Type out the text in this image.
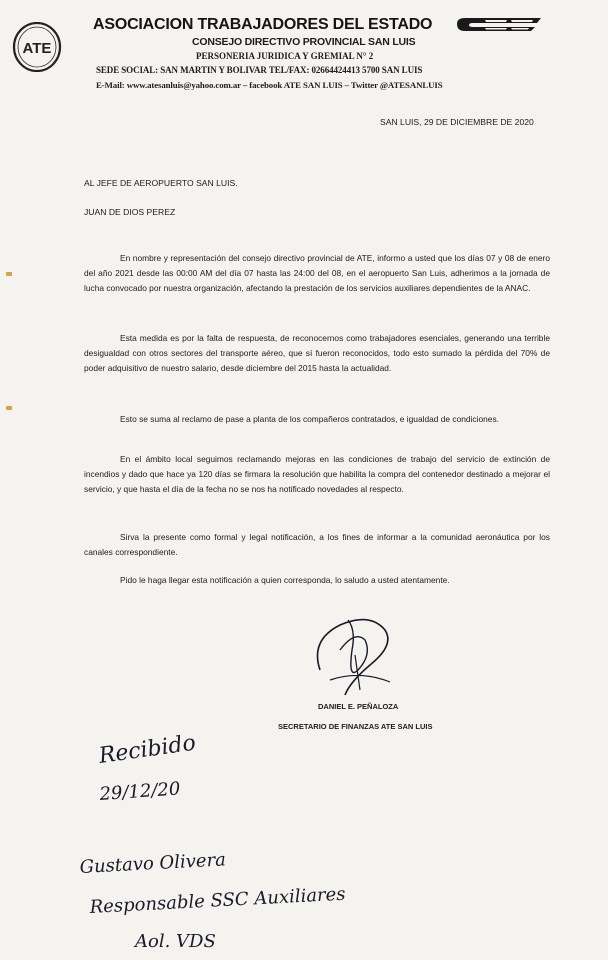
ATE
ASOCIACION TRABAJADORES DEL ESTADO
CONSEJO DIRECTIVO PROVINCIAL SAN LUIS
PERSONERIA JURIDICA Y GREMIAL N° 2
SEDE SOCIAL: SAN MARTIN Y BOLIVAR TEL/FAX: 02664424413 5700 SAN LUIS
E-Mail: www.atesanluis@yahoo.com.ar – facebook ATE SAN LUIS – Twitter @ATESANLUIS
SAN LUIS, 29 DE DICIEMBRE DE 2020
AL JEFE DE AEROPUERTO SAN LUIS.
JUAN DE DIOS PEREZ

En nombre y representación del consejo directivo provincial de ATE, informo a usted que los días 07 y 08 de enero del año 2021 desde las 00:00 AM del día 07 hasta las 24:00 del 08, en el aeropuerto San Luis, adherimos a la jornada de lucha convocado por nuestra organización, afectando la prestación de los servicios auxiliares dependientes de la ANAC.

Esta medida es por la falta de respuesta, de reconocernos como trabajadores esenciales, generando una terrible desigualdad con otros sectores del transporte aéreo, que sí fueron reconocidos, todo esto sumado la pérdida del 70% de poder adquisitivo de nuestro salario, desde diciembre del 2015 hasta la actualidad.

Esto se suma al reclamo de pase a planta de los compañeros contratados, e igualdad de condiciones.

En el ámbito local seguimos reclamando mejoras en las condiciones de trabajo del servicio de extinción de incendios y dado que hace ya 120 días se firmara la resolución que habilita la compra del contenedor destinado a mejorar el servicio, y que hasta el día de la fecha no se nos ha notificado novedades al respecto.

Sirva la presente como formal y legal notificación, a los fines de informar a la comunidad aeronáutica por los canales correspondiente.

Pido le haga llegar esta notificación a quien corresponda, lo saludo a usted atentamente.

DANIEL E. PEÑALOZA
SECRETARIO DE FINANZAS ATE SAN LUIS
Recibido
29/12/20
Gustavo Olivera
Responsable SSC Auxiliares
Aol. VDS
